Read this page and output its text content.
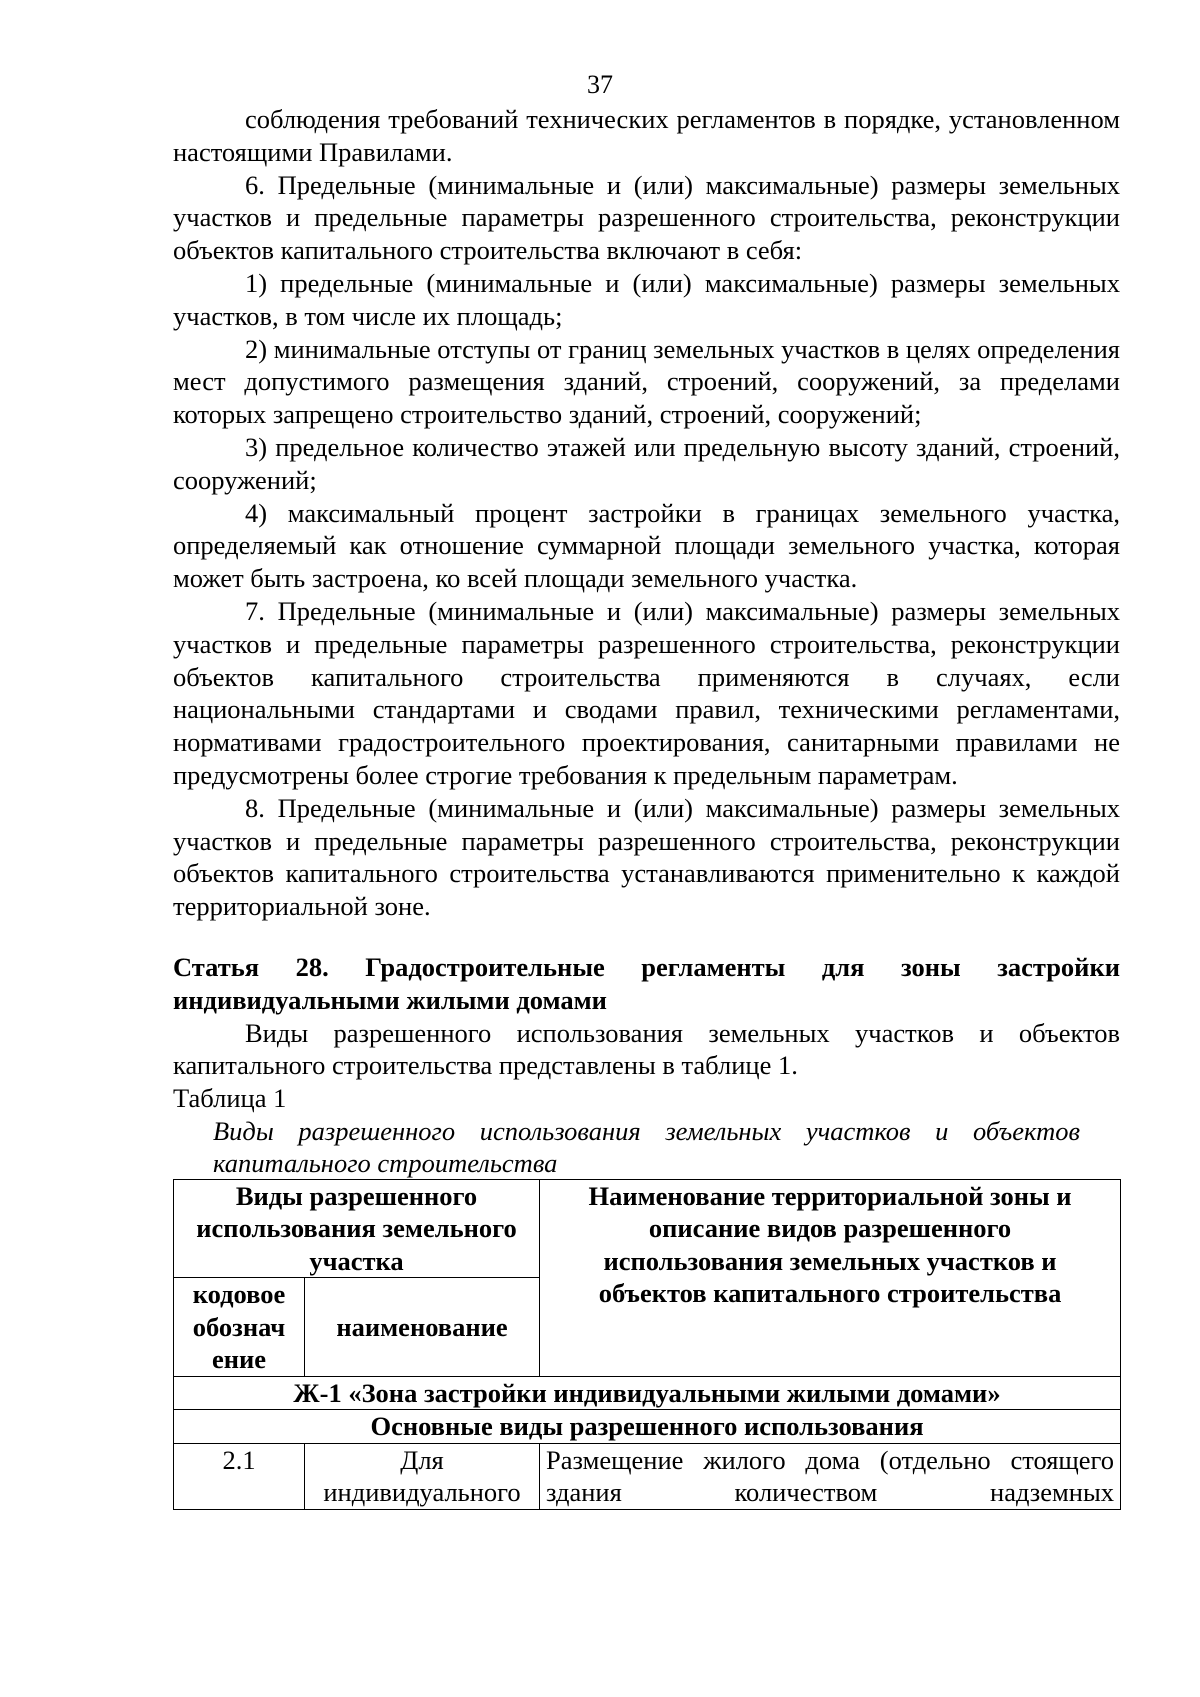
37

соблюдения требований технических регламентов в порядке, установленном настоящими Правилами.

6. Предельные (минимальные и (или) максимальные) размеры земельных участков и предельные параметры разрешенного строительства, реконструкции объектов капитального строительства включают в себя:

1) предельные (минимальные и (или) максимальные) размеры земельных участков, в том числе их площадь;

2) минимальные отступы от границ земельных участков в целях определения мест допустимого размещения зданий, строений, сооружений, за пределами которых запрещено строительство зданий, строений, сооружений;

3) предельное количество этажей или предельную высоту зданий, строений, сооружений;

4) максимальный процент застройки в границах земельного участка, определяемый как отношение суммарной площади земельного участка, которая может быть застроена, ко всей площади земельного участка.

7. Предельные (минимальные и (или) максимальные) размеры земельных участков и предельные параметры разрешенного строительства, реконструкции объектов капитального строительства применяются в случаях, если национальными стандартами и сводами правил, техническими регламентами, нормативами градостроительного проектирования, санитарными правилами не предусмотрены более строгие требования к предельным параметрам.

8. Предельные (минимальные и (или) максимальные) размеры земельных участков и предельные параметры разрешенного строительства, реконструкции объектов капитального строительства устанавливаются применительно к каждой территориальной зоне.

Статья 28. Градостроительные регламенты для зоны застройки индивидуальными жилыми домами

Виды разрешенного использования земельных участков и объектов капитального строительства представлены в таблице 1.

Таблица 1

Виды разрешенного использования земельных участков и объектов капитального строительства

Виды разрешенного использования земельного участка		Наименование территориальной зоны и описание видов разрешенного использования земельных участков и объектов капитального строительства
кодовое обознач ение	наименование	
Ж-1 «Зона застройки индивидуальными жилыми домами»		
Основные виды разрешенного использования		
2.1	Для индивидуального	Размещение жилого дома (отдельно стоящего здания количеством надземных
